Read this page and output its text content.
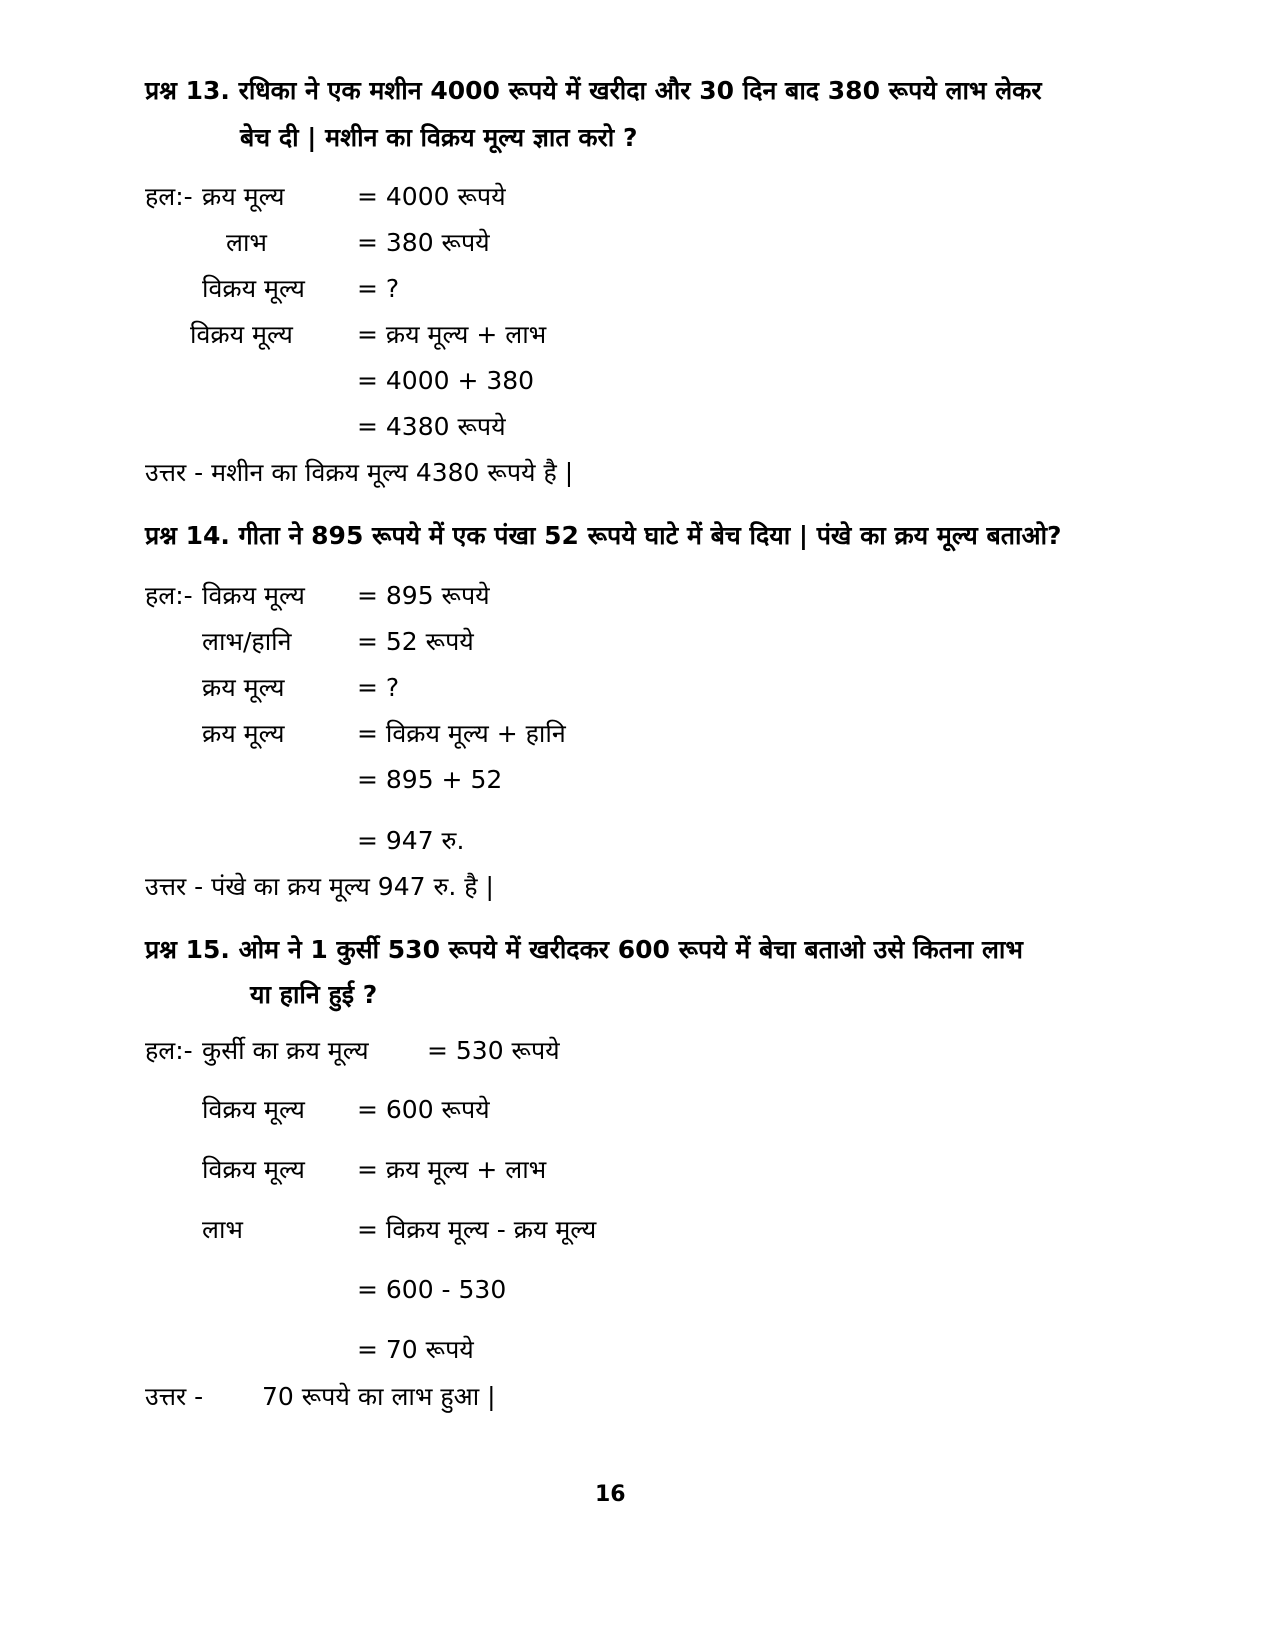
प्रश्न 13. रधिका ने एक मशीन 4000 रूपये में खरीदा और 30 दिन बाद 380 रूपये लाभ लेकर
बेच दी | मशीन का विक्रय मूल्य ज्ञात करो ?
हल:- क्रय मूल्य	= 4000 रूपये
लाभ	= 380 रूपये
विक्रय मूल्य = ?
विक्रय मूल्य	= क्रय मूल्य + लाभ
= 4000 + 380
= 4380 रूपये
उत्तर - मशीन का विक्रय मूल्य 4380 रूपये है |
प्रश्न 14. गीता ने 895 रूपये में एक पंखा 52 रूपये घाटे में बेच दिया | पंखे का क्रय मूल्य बताओ?
हल:- विक्रय मूल्य = 895 रूपये
लाभ/हानि	= 52 रूपये
क्रय मूल्य	= ?
क्रय मूल्य	= विक्रय मूल्य + हानि
= 895 + 52
= 947 रु.
उत्तर - पंखे का क्रय मूल्य 947 रु. है |
प्रश्न 15. ओम ने 1 कुर्सी 530 रूपये में खरीदकर 600 रूपये में बेचा बताओ उसे कितना लाभ
या हानि हुई ?
हल:- कुर्सी का क्रय मूल्य = 530 रूपये
विक्रय मूल्य = 600 रूपये
विक्रय मूल्य = क्रय मूल्य + लाभ
लाभ	= विक्रय मूल्य - क्रय मूल्य
= 600 - 530
= 70 रूपये
उत्तर - 70 रूपये का लाभ हुआ |
16
